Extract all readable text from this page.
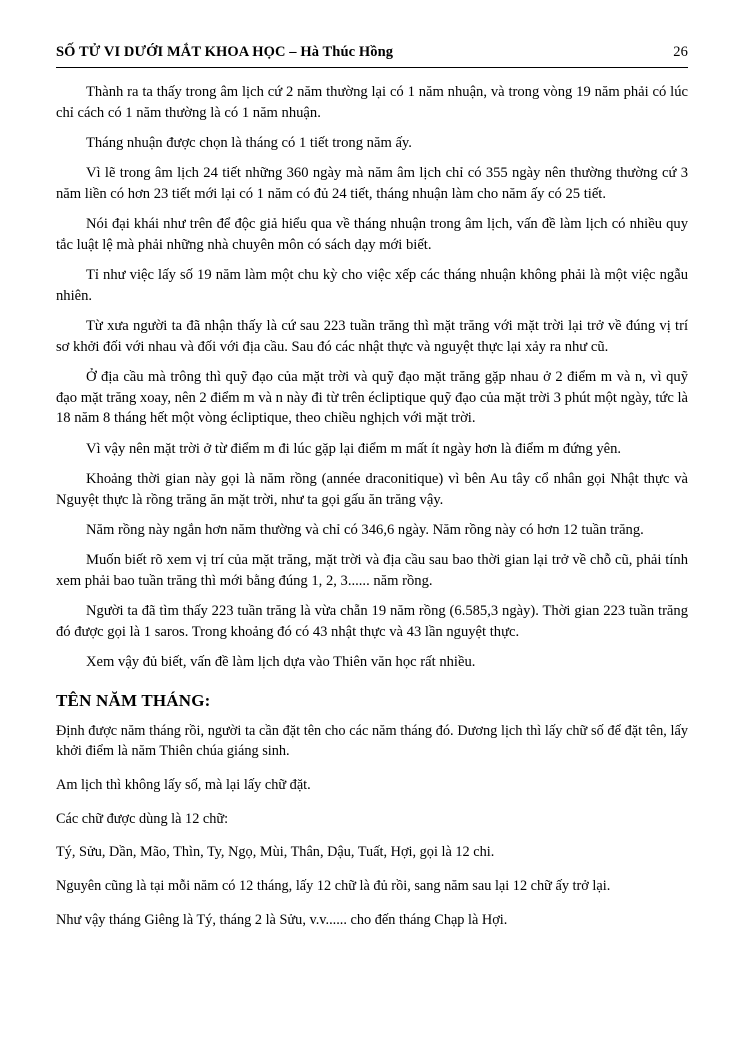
SỐ TỬ VI DƯỚI MẮT KHOA HỌC – Hà Thúc Hồng	26

Thành ra ta thấy trong âm lịch cứ 2 năm thường lại có 1 năm nhuận, và trong vòng 19 năm phải có lúc chỉ cách có 1 năm thường là có 1 năm nhuận.

Tháng nhuận được chọn là tháng có 1 tiết trong năm ấy.

Vì lẽ trong âm lịch 24 tiết những 360 ngày mà năm âm lịch chỉ có 355 ngày nên thường thường cứ 3 năm liền có hơn 23 tiết mới lại có 1 năm có đủ 24 tiết, tháng nhuận làm cho năm ấy có 25 tiết.

Nói đại khái như trên để độc giả hiểu qua về tháng nhuận trong âm lịch, vấn đề làm lịch có nhiều quy tắc luật lệ mà phải những nhà chuyên môn có sách dạy mới biết.

Tỉ như việc lấy số 19 năm làm một chu kỳ cho việc xếp các tháng nhuận không phải là một việc ngẫu nhiên.

Từ xưa người ta đã nhận thấy là cứ sau 223 tuần trăng thì mặt trăng với mặt trời lại trở về đúng vị trí sơ khởi đối với nhau và đối với địa cầu. Sau đó các nhật thực và nguyệt thực lại xảy ra như cũ.

Ở địa cầu mà trông thì quỹ đạo của mặt trời và quỹ đạo mặt trăng gặp nhau ở 2 điểm m và n, vì quỹ đạo mặt trăng xoay, nên 2 điểm m và n này đi từ trên écliptique quỹ đạo của mặt trời 3 phút một ngày, tức là 18 năm 8 tháng hết một vòng écliptique, theo chiều nghịch với mặt trời.

Vì vậy nên mặt trời ở từ điểm m đi lúc gặp lại điểm m mất ít ngày hơn là điểm m đứng yên.

Khoảng thời gian này gọi là năm rồng (année draconitique) vì bên Au tây cổ nhân gọi Nhật thực và Nguyệt thực là rồng trăng ăn mặt trời, như ta gọi gấu ăn trăng vậy.

Năm rồng này ngắn hơn năm thường và chỉ có 346,6 ngày. Năm rồng này có hơn 12 tuần trăng.

Muốn biết rõ xem vị trí của mặt trăng, mặt trời và địa cầu sau bao thời gian lại trở về chỗ cũ, phải tính xem phải bao tuần trăng thì mới bằng đúng 1, 2, 3...... năm rồng.

Người ta đã tìm thấy 223 tuần trăng là vừa chẵn 19 năm rồng (6.585,3 ngày). Thời gian 223 tuần trăng đó được gọi là 1 saros. Trong khoảng đó có 43 nhật thực và 43 lần nguyệt thực.

Xem vậy đủ biết, vấn đề làm lịch dựa vào Thiên văn học rất nhiều.

TÊN NĂM THÁNG:

Định được năm tháng rồi, người ta cần đặt tên cho các năm tháng đó. Dương lịch thì lấy chữ số để đặt tên, lấy khởi điểm là năm Thiên chúa giáng sinh.

Am lịch thì không lấy số, mà lại lấy chữ đặt.

Các chữ được dùng là 12 chữ:

Tý, Sửu, Dần, Mão, Thìn, Ty, Ngọ, Mùi, Thân, Dậu, Tuất, Hợi, gọi là 12 chi.

Nguyên cũng là tại mỗi năm có 12 tháng, lấy 12 chữ là đủ rồi, sang năm sau lại 12 chữ ấy trở lại.

Như vậy tháng Giêng là Tý, tháng 2 là Sửu, v.v...... cho đến tháng Chạp là Hợi.
